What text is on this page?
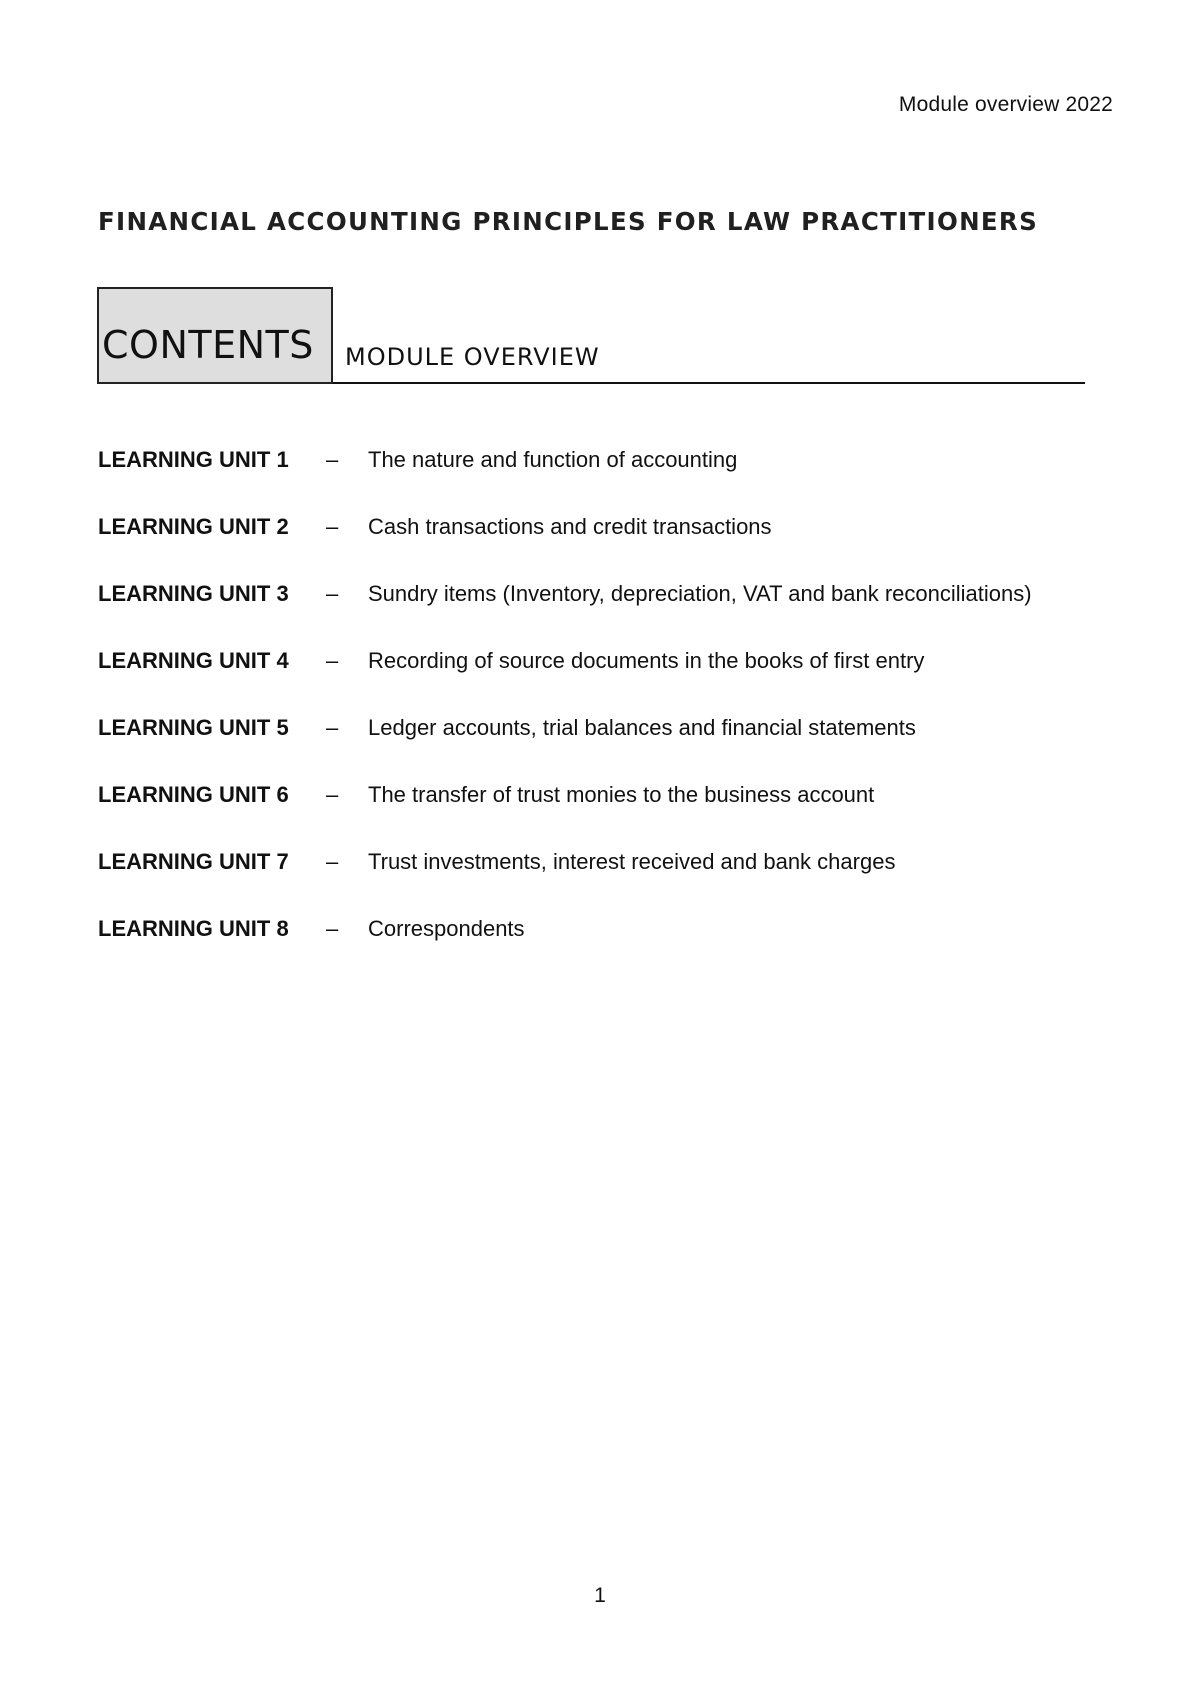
Module overview 2022
FINANCIAL ACCOUNTING PRINCIPLES FOR LAW PRACTITIONERS
CONTENTS MODULE OVERVIEW
LEARNING UNIT 1 – The nature and function of accounting
LEARNING UNIT 2 – Cash transactions and credit transactions
LEARNING UNIT 3 – Sundry items (Inventory, depreciation, VAT and bank reconciliations)
LEARNING UNIT 4 – Recording of source documents in the books of first entry
LEARNING UNIT 5 – Ledger accounts, trial balances and financial statements
LEARNING UNIT 6 – The transfer of trust monies to the business account
LEARNING UNIT 7 – Trust investments, interest received and bank charges
LEARNING UNIT 8 – Correspondents
1
